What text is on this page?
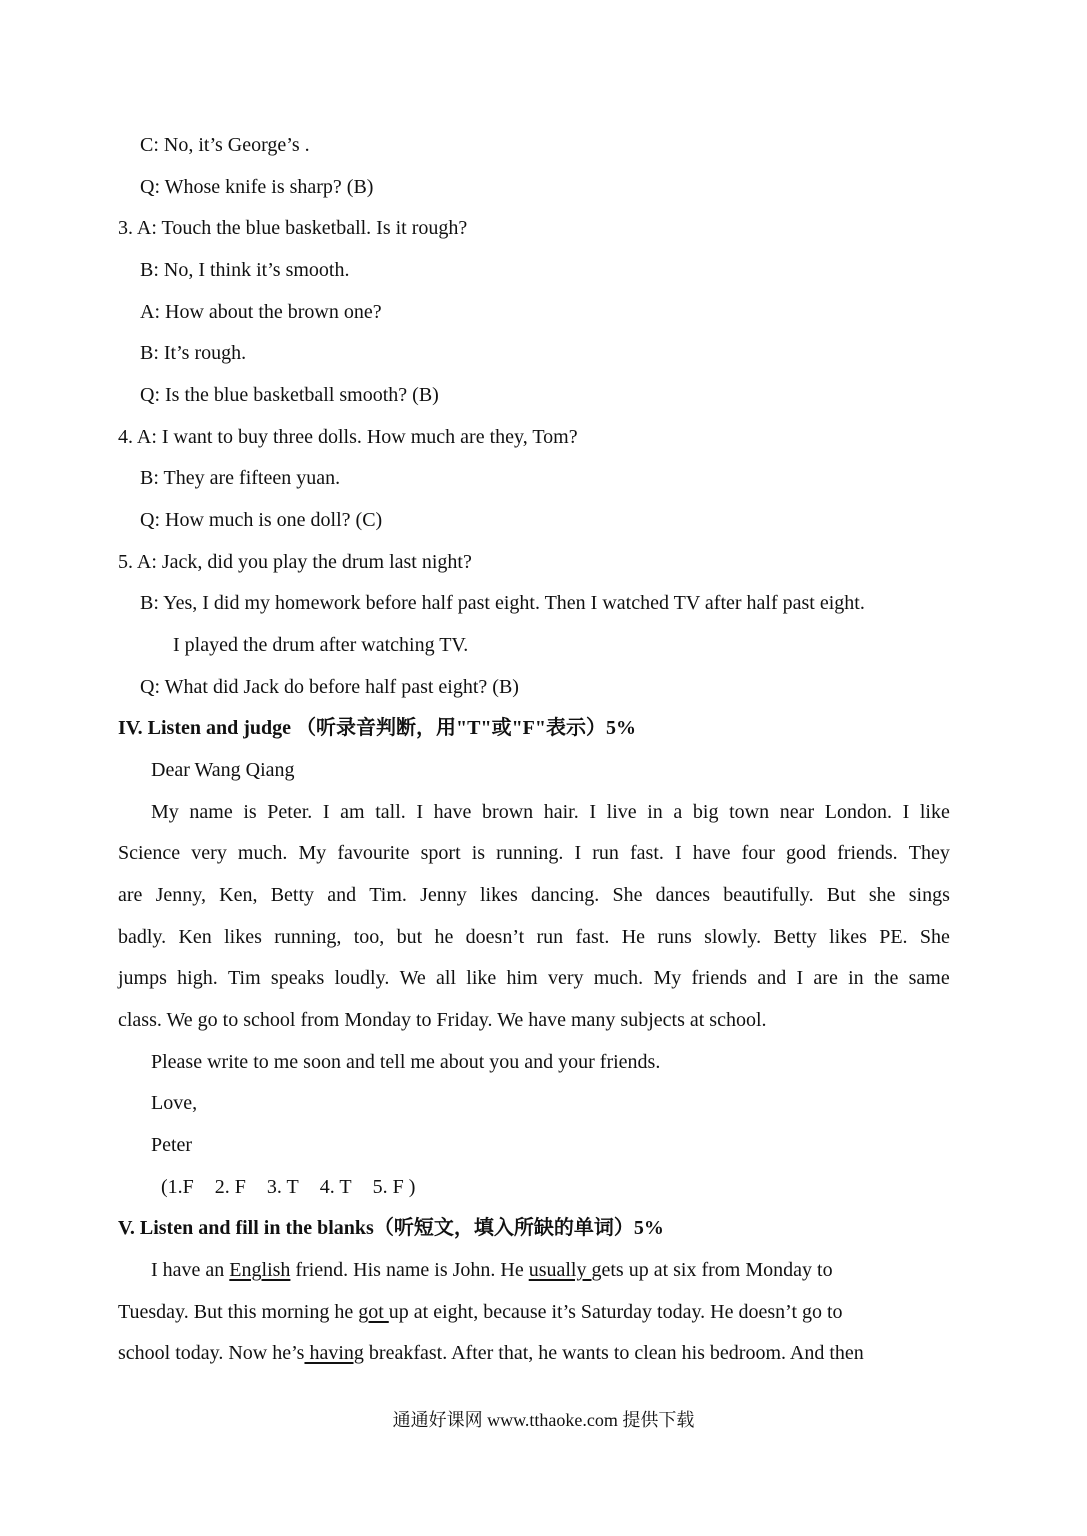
C: No, it’s George’s .
Q: Whose knife is sharp? (B)
3. A: Touch the blue basketball. Is it rough?
B: No, I think it’s smooth.
A: How about the brown one?
B: It’s rough.
Q: Is the blue basketball smooth? (B)
4. A: I want to buy three dolls. How much are they, Tom?
B: They are fifteen yuan.
Q: How much is one doll? (C)
5. A: Jack, did you play the drum last night?
B: Yes, I did my homework before half past eight. Then I watched TV after half past eight.
I played the drum after watching TV.
Q: What did Jack do before half past eight? (B)
IV. Listen and judge （听录音判断，用"T"或"F"表示）5%
Dear Wang Qiang
My name is Peter. I am tall. I have brown hair. I live in a big town near London. I like
Science very much. My favourite sport is running. I run fast. I have four good friends. They
are Jenny, Ken, Betty and Tim. Jenny likes dancing. She dances beautifully. But she sings
badly. Ken likes running, too, but he doesn’t run fast. He runs slowly. Betty likes PE. She
jumps high. Tim speaks loudly. We all like him very much. My friends and I are in the same
class. We go to school from Monday to Friday. We have many subjects at school.
Please write to me soon and tell me about you and your friends.
Love,
Peter
(1.F 2. F 3. T 4. T 5. F )
V. Listen and fill in the blanks（听短文，填入所缺的单词）5%
I have an English friend. His name is John. He usually gets up at six from Monday to
Tuesday. But this morning he got up at eight, because it’s Saturday today. He doesn’t go to
school today. Now he’s having breakfast. After that, he wants to clean his bedroom. And then
通通好课网 www.tthaoke.com 提供下载
